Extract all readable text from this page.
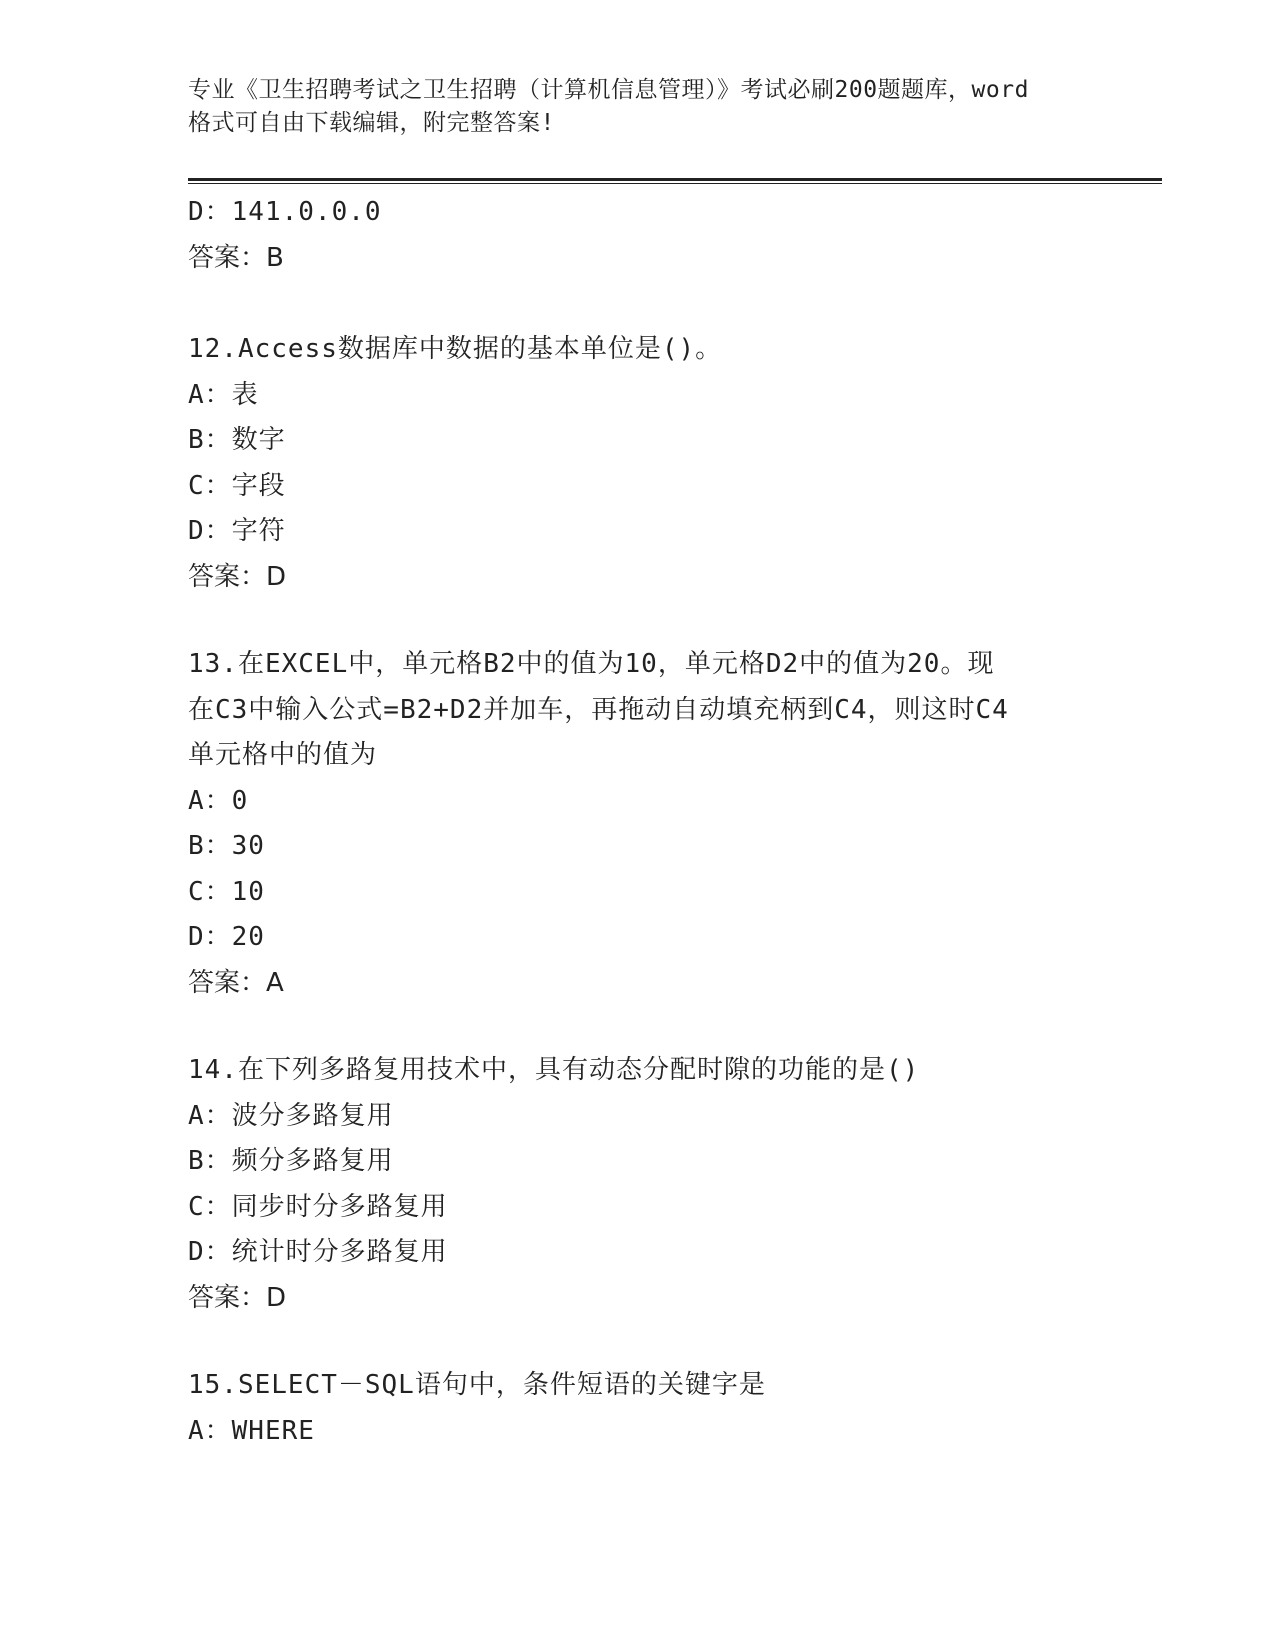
专业《卫生招聘考试之卫生招聘（计算机信息管理）》考试必刷200题题库，word
格式可自由下载编辑，附完整答案!
D：141.0.0.0
答案：B
12.Access数据库中数据的基本单位是()。
A：表
B：数字
C：字段
D：字符
答案：D
13.在EXCEL中，单元格B2中的值为10，单元格D2中的值为20。现
在C3中输入公式=B2+D2并加车，再拖动自动填充柄到C4，则这时C4
单元格中的值为
A：0
B：30
C：10
D：20
答案：A
14.在下列多路复用技术中，具有动态分配时隙的功能的是()
A：波分多路复用
B：频分多路复用
C：同步时分多路复用
D：统计时分多路复用
答案：D
15.SELECT－SQL语句中，条件短语的关键字是
A：WHERE
